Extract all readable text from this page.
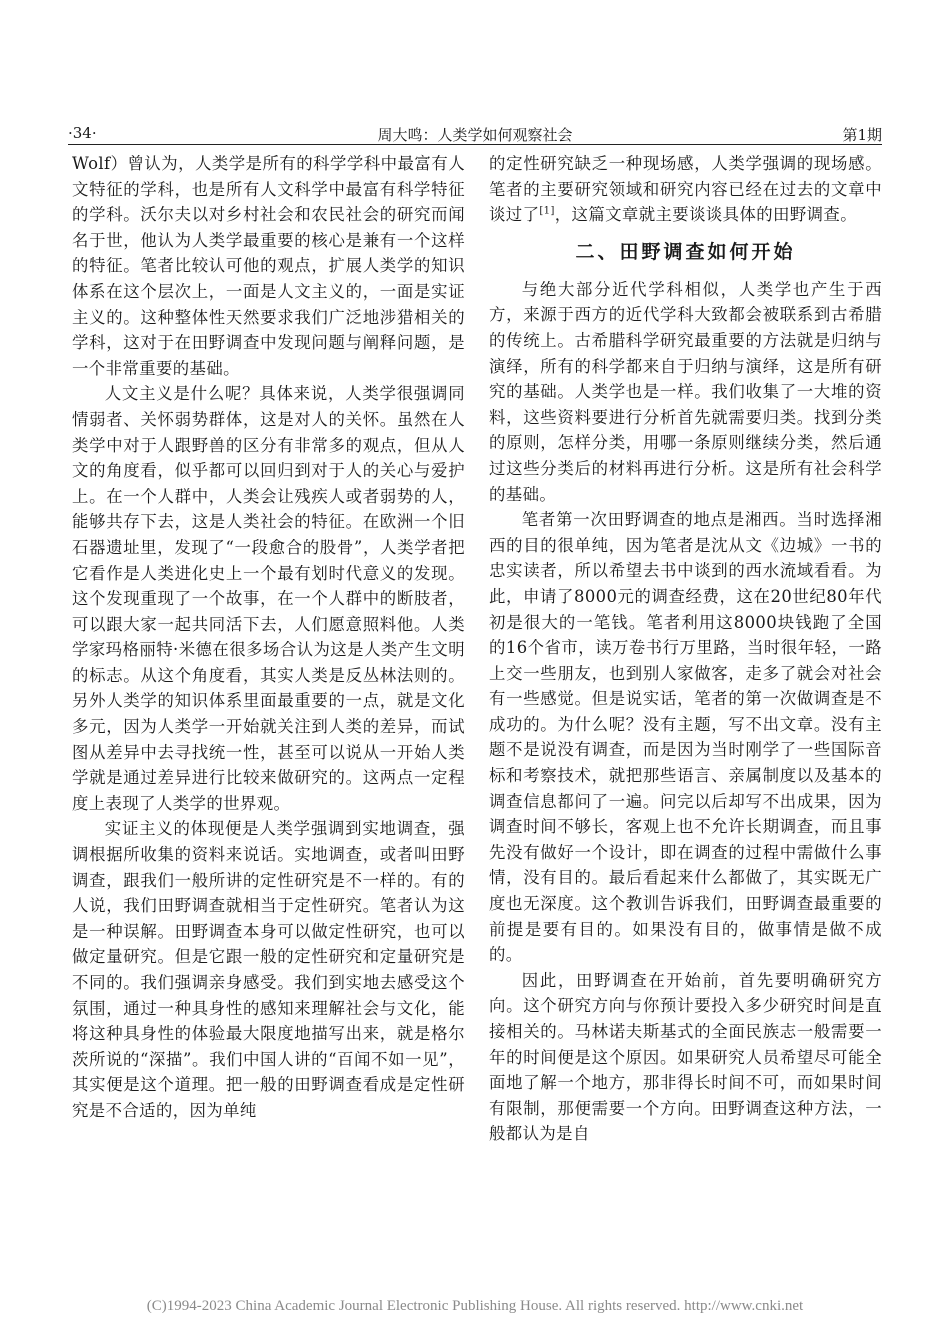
·34·	周大鸣：人类学如何观察社会	第1期

Wolf）曾认为，人类学是所有的科学学科中最富有人文特征的学科，也是所有人文科学中最富有科学特征的学科。沃尔夫以对乡村社会和农民社会的研究而闻名于世，他认为人类学最重要的核心是兼有一个这样的特征。笔者比较认可他的观点，扩展人类学的知识体系在这个层次上，一面是人文主义的，一面是实证主义的。这种整体性天然要求我们广泛地涉猎相关的学科，这对于在田野调查中发现问题与阐释问题，是一个非常重要的基础。

人文主义是什么呢？具体来说，人类学很强调同情弱者、关怀弱势群体，这是对人的关怀。虽然在人类学中对于人跟野兽的区分有非常多的观点，但从人文的角度看，似乎都可以回归到对于人的关心与爱护上。在一个人群中，人类会让残疾人或者弱势的人，能够共存下去，这是人类社会的特征。在欧洲一个旧石器遗址里，发现了“一段愈合的股骨”，人类学者把它看作是人类进化史上一个最有划时代意义的发现。这个发现重现了一个故事，在一个人群中的断肢者，可以跟大家一起共同活下去，人们愿意照料他。人类学家玛格丽特·米德在很多场合认为这是人类产生文明的标志。从这个角度看，其实人类是反丛林法则的。另外人类学的知识体系里面最重要的一点，就是文化多元，因为人类学一开始就关注到人类的差异，而试图从差异中去寻找统一性，甚至可以说从一开始人类学就是通过差异进行比较来做研究的。这两点一定程度上表现了人类学的世界观。

实证主义的体现便是人类学强调到实地调查，强调根据所收集的资料来说话。实地调查，或者叫田野调查，跟我们一般所讲的定性研究是不一样的。有的人说，我们田野调查就相当于定性研究。笔者认为这是一种误解。田野调查本身可以做定性研究，也可以做定量研究。但是它跟一般的定性研究和定量研究是不同的。我们强调亲身感受。我们到实地去感受这个氛围，通过一种具身性的感知来理解社会与文化，能将这种具身性的体验最大限度地描写出来，就是格尔茨所说的“深描”。我们中国人讲的“百闻不如一见”，其实便是这个道理。把一般的田野调查看成是定性研究是不合适的，因为单纯

的定性研究缺乏一种现场感，人类学强调的现场感。笔者的主要研究领域和研究内容已经在过去的文章中谈过了[1]，这篇文章就主要谈谈具体的田野调查。

二、田野调查如何开始

与绝大部分近代学科相似，人类学也产生于西方，来源于西方的近代学科大致都会被联系到古希腊的传统上。古希腊科学研究最重要的方法就是归纳与演绎，所有的科学都来自于归纳与演绎，这是所有研究的基础。人类学也是一样。我们收集了一大堆的资料，这些资料要进行分析首先就需要归类。找到分类的原则，怎样分类，用哪一条原则继续分类，然后通过这些分类后的材料再进行分析。这是所有社会科学的基础。

笔者第一次田野调查的地点是湘西。当时选择湘西的目的很单纯，因为笔者是沈从文《边城》一书的忠实读者，所以希望去书中谈到的西水流域看看。为此，申请了8000元的调查经费，这在20世纪80年代初是很大的一笔钱。笔者利用这8000块钱跑了全国的16个省市，读万卷书行万里路，当时很年轻，一路上交一些朋友，也到别人家做客，走多了就会对社会有一些感觉。但是说实话，笔者的第一次做调查是不成功的。为什么呢？没有主题，写不出文章。没有主题不是说没有调查，而是因为当时刚学了一些国际音标和考察技术，就把那些语言、亲属制度以及基本的调查信息都问了一遍。问完以后却写不出成果，因为调查时间不够长，客观上也不允许长期调查，而且事先没有做好一个设计，即在调查的过程中需做什么事情，没有目的。最后看起来什么都做了，其实既无广度也无深度。这个教训告诉我们，田野调查最重要的前提是要有目的。如果没有目的，做事情是做不成的。

因此，田野调查在开始前，首先要明确研究方向。这个研究方向与你预计要投入多少研究时间是直接相关的。马林诺夫斯基式的全面民族志一般需要一年的时间便是这个原因。如果研究人员希望尽可能全面地了解一个地方，那非得长时间不可，而如果时间有限制，那便需要一个方向。田野调查这种方法，一般都认为是自

(C)1994-2023 China Academic Journal Electronic Publishing House. All rights reserved. http://www.cnki.net
